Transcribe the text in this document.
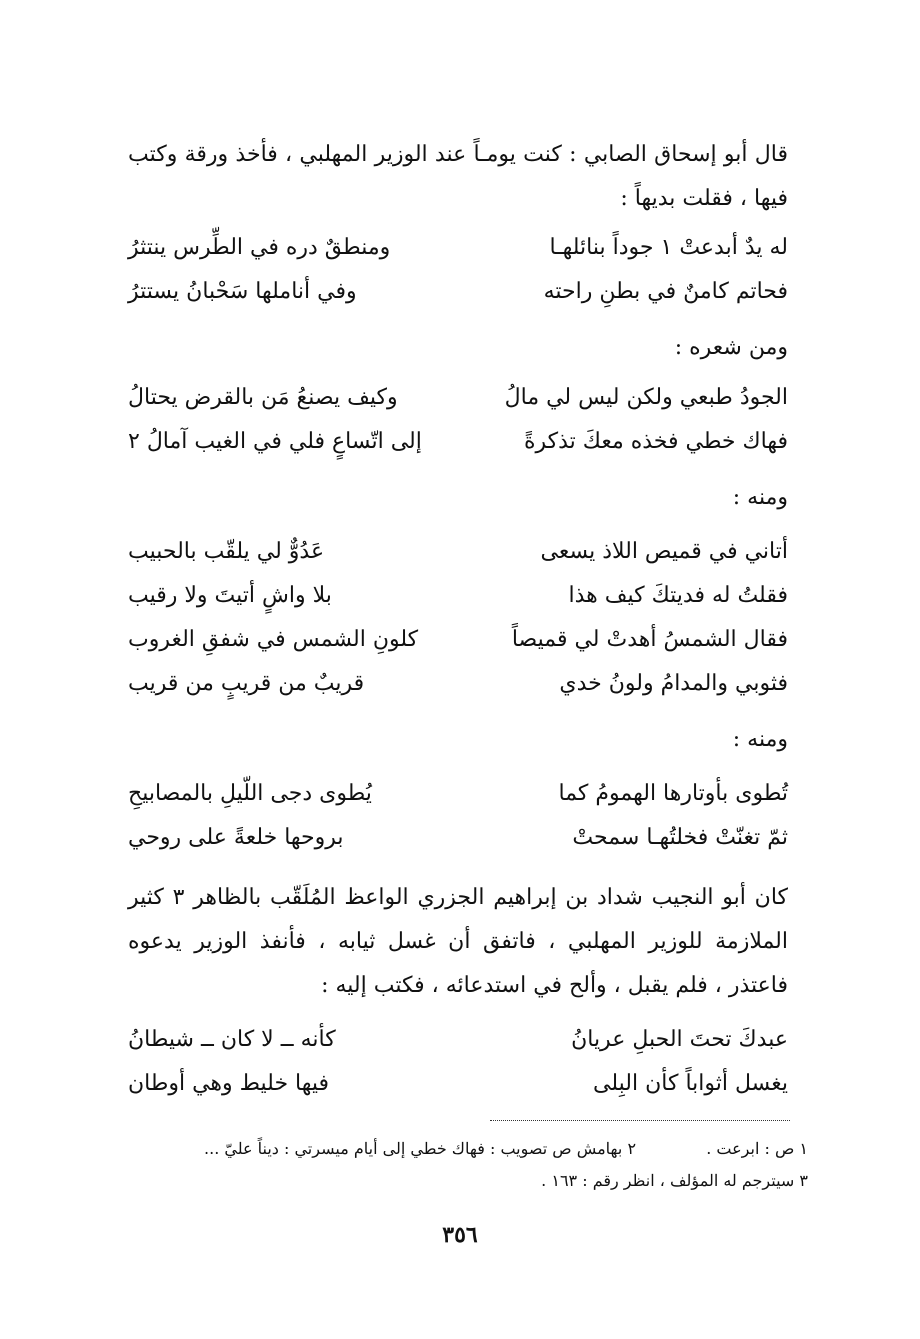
قال أبو إسحاق الصابي : كنت يومـاً عند الوزير المهلبي ، فأخذ ورقة وكتب فيها ، فقلت بديهاً :
له يدٌ أبدعتْ ١ جوداً بنائلهـا
ومنطقٌ دره في الطِّرس ينتثرُ
فحاتم كامنٌ في بطنِ راحته
وفي أناملها سَحْبانُ يستترُ
ومن شعره :
الجودُ طبعي ولكن ليس لي مالُ
وكيف يصنعُ مَن بالقرض يحتالُ
فهاك خطي فخذه معكَ تذكرةً
إلى اتّساعٍ فلي في الغيب آمالُ ٢
ومنه :
أتاني في قميص اللاذ يسعى
عَدُوٌّ لي يلقّب بالحبيب
فقلتُ له فديتكَ كيف هذا
بلا واشٍ أتيتَ ولا رقيب
فقال الشمسُ أهدتْ لي قميصاً
كلونِ الشمس في شفقِ الغروب
فثوبي والمدامُ ولونُ خدي
قريبٌ من قريبٍ من قريب
ومنه :
تُطوى بأوتارها الهمومُ كما
يُطوى دجى اللّيلِ بالمصابيحِ
ثمّ تغنّتْ فخلتُهـا سمحتْ
بروحها خلعةً على روحي
كان أبو النجيب شداد بن إبراهيم الجزري الواعظ المُلَقّب بالظاهر ٣ كثير الملازمة للوزير المهلبي ، فاتفق أن غسل ثيابه ، فأنفذ الوزير يدعوه فاعتذر ، فلم يقبل ، وألح في استدعائه ، فكتب إليه :
عبدكَ تحتَ الحبلِ عريانُ
كأنه ــ لا كان ــ شيطانُ
يغسل أثواباً كأن البِلى
فيها خليط وهي أوطان
١ ص : ابرعت .  ٢ بهامش ص تصويب : فهاك خطي إلى أيام ميسرتي : ديناً عليّ ...
٣ سيترجم له المؤلف ، انظر رقم : ١٦٣ .
٣٥٦
